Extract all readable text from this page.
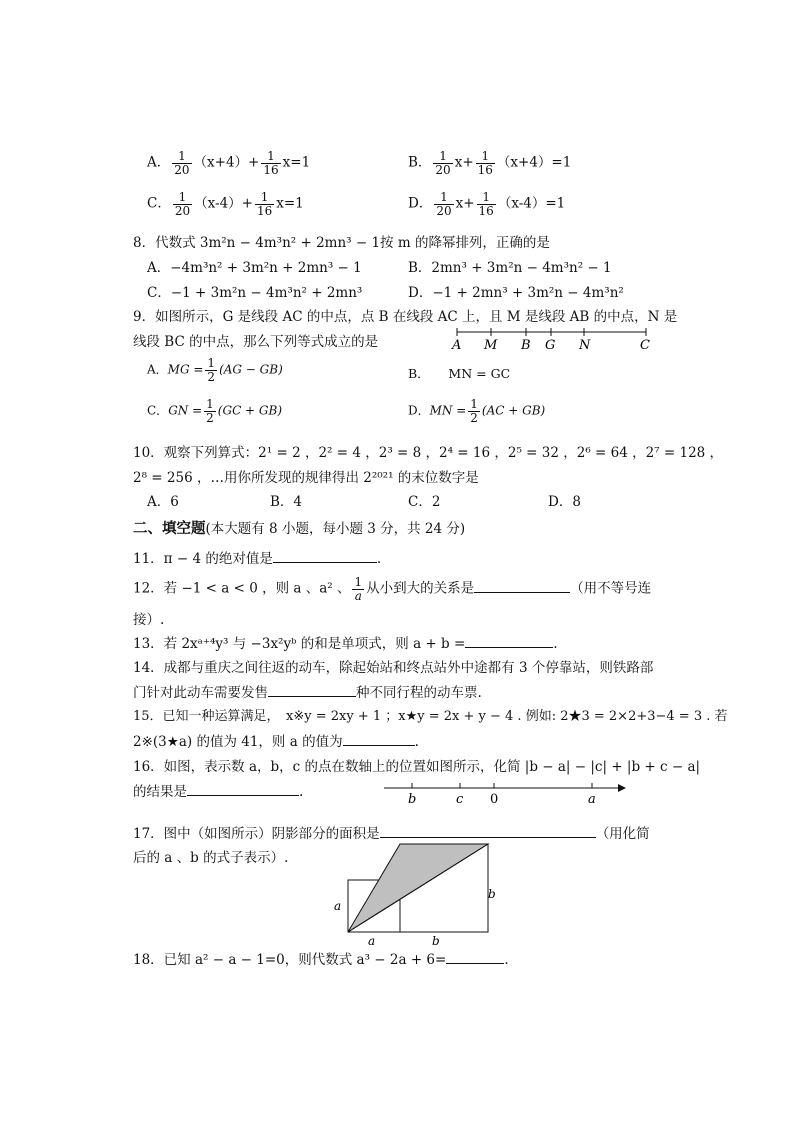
A． $\frac{1}{20} (x+4)+ \frac{1}{16} x=1$	B． $\frac{1}{20} x+ \frac{1}{16} (x+4)=1$
C． $\frac{1}{20} (x-4)+ \frac{1}{16} x=1$	D． $\frac{1}{20} x+ \frac{1}{16} (x-4)=1$
8．代数式 3m²n − 4m³n² + 2mn³ − 1按 m 的降幂排列，正确的是
A．−4m³n² + 3m²n + 2mn³ − 1	B．2mn³ + 3m²n − 4m³n² − 1
C．−1 + 3m²n − 4m³n² + 2mn³	D．−1 + 2mn³ + 3m²n − 4m³n²
9．如图所示，G 是线段 AC 的中点，点 B 在线段 AC 上，且 M 是线段 AB 的中点，N 是
线段 BC 的中点，那么下列等式成立的是	A M B G N	C
A．MG = $\frac{1}{2} (AG - GB)$	B．　　MN = GC
C．GN = $\frac{1}{2} (GC + GB)$	D．MN = $\frac{1}{2} (AC + GB)$
10．观察下列算式：2¹ = 2 ，2² = 4 ，2³ = 8 ，2⁴ = 16 ，2⁵ = 32 ，2⁶ = 64 ，2⁷ = 128 ，
2⁸ = 256 ，…用你所发现的规律得出 2²⁰²¹ 的末位数字是
A．6	B．4	C．2	D．8
二、填空题(本大题有 8 小题，每小题 3 分，共 24 分)
11．π − 4 的绝对值是	.
12．若 −1 < a < 0 ，则 a 、a² 、 $\frac{1}{a}$ 从小到大的关系是	（用不等号连
接）.
13．若 2xᵃ⁺⁴y³ 与 −3x²yᵇ 的和是单项式，则 a + b =	.
14．成都与重庆之间往返的动车，除起始站和终点站外中途都有 3 个停靠站，则铁路部
门针对此动车需要发售	种不同行程的动车票.
15．已知一种运算满足，　x※y = 2xy + 1 ；x★y = 2x + y − 4 . 例如: 2★3 = 2×2+3−4 = 3 . 若
2※(3★a) 的值为 41，则 a 的值为	.
16．如图，表示数 a，b，c 的点在数轴上的位置如图所示，化简 |b − a| − |c| + |b + c − a|
的结果是	.	b	c 0	a
17．图中（如图所示）阴影部分的面积是	（用化简
后的 a 、b 的式子表示）.
a
b
a	b
18．已知 a² − a − 1=0，则代数式 a³ − 2a + 6=	.
